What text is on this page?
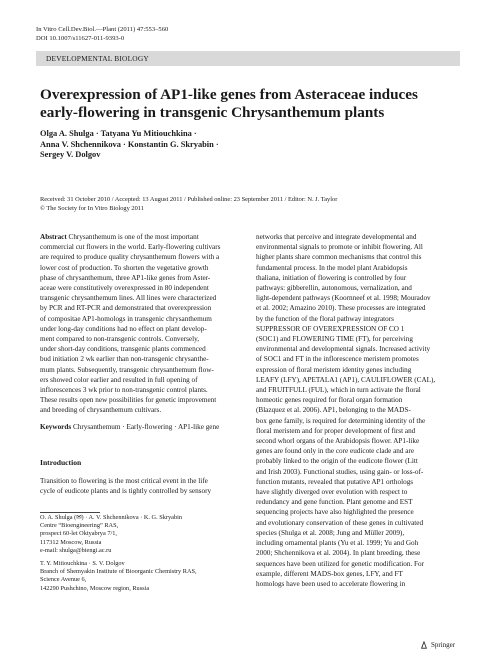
In Vitro Cell.Dev.Biol.—Plant (2011) 47:553–560
DOI 10.1007/s11627-011-9393-0
DEVELOPMENTAL BIOLOGY
Overexpression of AP1-like genes from Asteraceae induces
early-flowering in transgenic Chrysanthemum plants
Olga A. Shulga · Tatyana Yu Mitiouchkina ·
Anna V. Shchennikova · Konstantin G. Skryabin ·
Sergey V. Dolgov
Received: 31 October 2010 / Accepted: 13 August 2011 / Published online: 23 September 2011 / Editor: N. J. Taylor
© The Society for In Vitro Biology 2011
Abstract Chrysanthemum is one of the most important
commercial cut flowers in the world. Early-flowering cultivars
are required to produce quality chrysanthemum flowers with a
lower cost of production. To shorten the vegetative growth
phase of chrysanthemum, three AP1-like genes from Aster-
aceae were constitutively overexpressed in 80 independent
transgenic chrysanthemum lines. All lines were characterized
by PCR and RT-PCR and demonstrated that overexpression
of compositae AP1-homologs in transgenic chrysanthemum
under long-day conditions had no effect on plant develop-
ment compared to non-transgenic controls. Conversely,
under short-day conditions, transgenic plants commenced
bud initiation 2 wk earlier than non-transgenic chrysanthe-
mum plants. Subsequently, transgenic chrysanthemum flow-
ers showed color earlier and resulted in full opening of
inflorescences 3 wk prior to non-transgenic control plants.
These results open new possibilities for genetic improvement
and breeding of chrysanthemum cultivars.
Keywords Chrysanthemum · Early-flowering · AP1-like gene
Introduction
Transition to flowering is the most critical event in the life
cycle of eudicote plants and is tightly controlled by sensory
O. A. Shulga (✉) · A. V. Shchennikova · K. G. Skryabin
Centre “Bioengineering” RAS,
prospect 60-let Oktyabrya 7/1,
117312 Moscow, Russia
e-mail: shulga@biengi.ac.ru
T. Y. Mitiouchkina · S. V. Dolgov
Branch of Shemyakin Institute of Bioorganic Chemistry RAS,
Science Avenue 6,
142290 Pushchino, Moscow region, Russia
networks that perceive and integrate developmental and
environmental signals to promote or inhibit flowering. All
higher plants share common mechanisms that control this
fundamental process. In the model plant Arabidopsis
thaliana, initiation of flowering is controlled by four
pathways: gibberellin, autonomous, vernalization, and
light-dependent pathways (Koornneef et al. 1998; Mouradov
et al. 2002; Amazino 2010). These processes are integrated
by the function of the floral pathway integrators
SUPPRESSOR OF OVEREXPRESSION OF CO 1
(SOC1) and FLOWERING TIME (FT), for perceiving
environmental and developmental signals. Increased activity
of SOC1 and FT in the inflorescence meristem promotes
expression of floral meristem identity genes including
LEAFY (LFY), APETALA1 (AP1), CAULIFLOWER (CAL),
and FRUITFULL (FUL), which in turn activate the floral
homeotic genes required for floral organ formation
(Blazquez et al. 2006). AP1, belonging to the MADS-
box gene family, is required for determining identity of the
floral meristem and for proper development of first and
second whorl organs of the Arabidopsis flower. AP1-like
genes are found only in the core eudicote clade and are
probably linked to the origin of the eudicote flower (Litt
and Irish 2003). Functional studies, using gain- or loss-of-
function mutants, revealed that putative AP1 orthologs
have slightly diverged over evolution with respect to
redundancy and gene function. Plant genome and EST
sequencing projects have also highlighted the presence
and evolutionary conservation of these genes in cultivated
species (Shulga et al. 2008; Jung and Müller 2009),
including ornamental plants (Yu et al. 1999; Yu and Goh
2000; Shchennikova et al. 2004). In plant breeding, these
sequences have been utilized for genetic modification. For
example, different MADS-box genes, LFY, and FT
homologs have been used to accelerate flowering in
Springer
